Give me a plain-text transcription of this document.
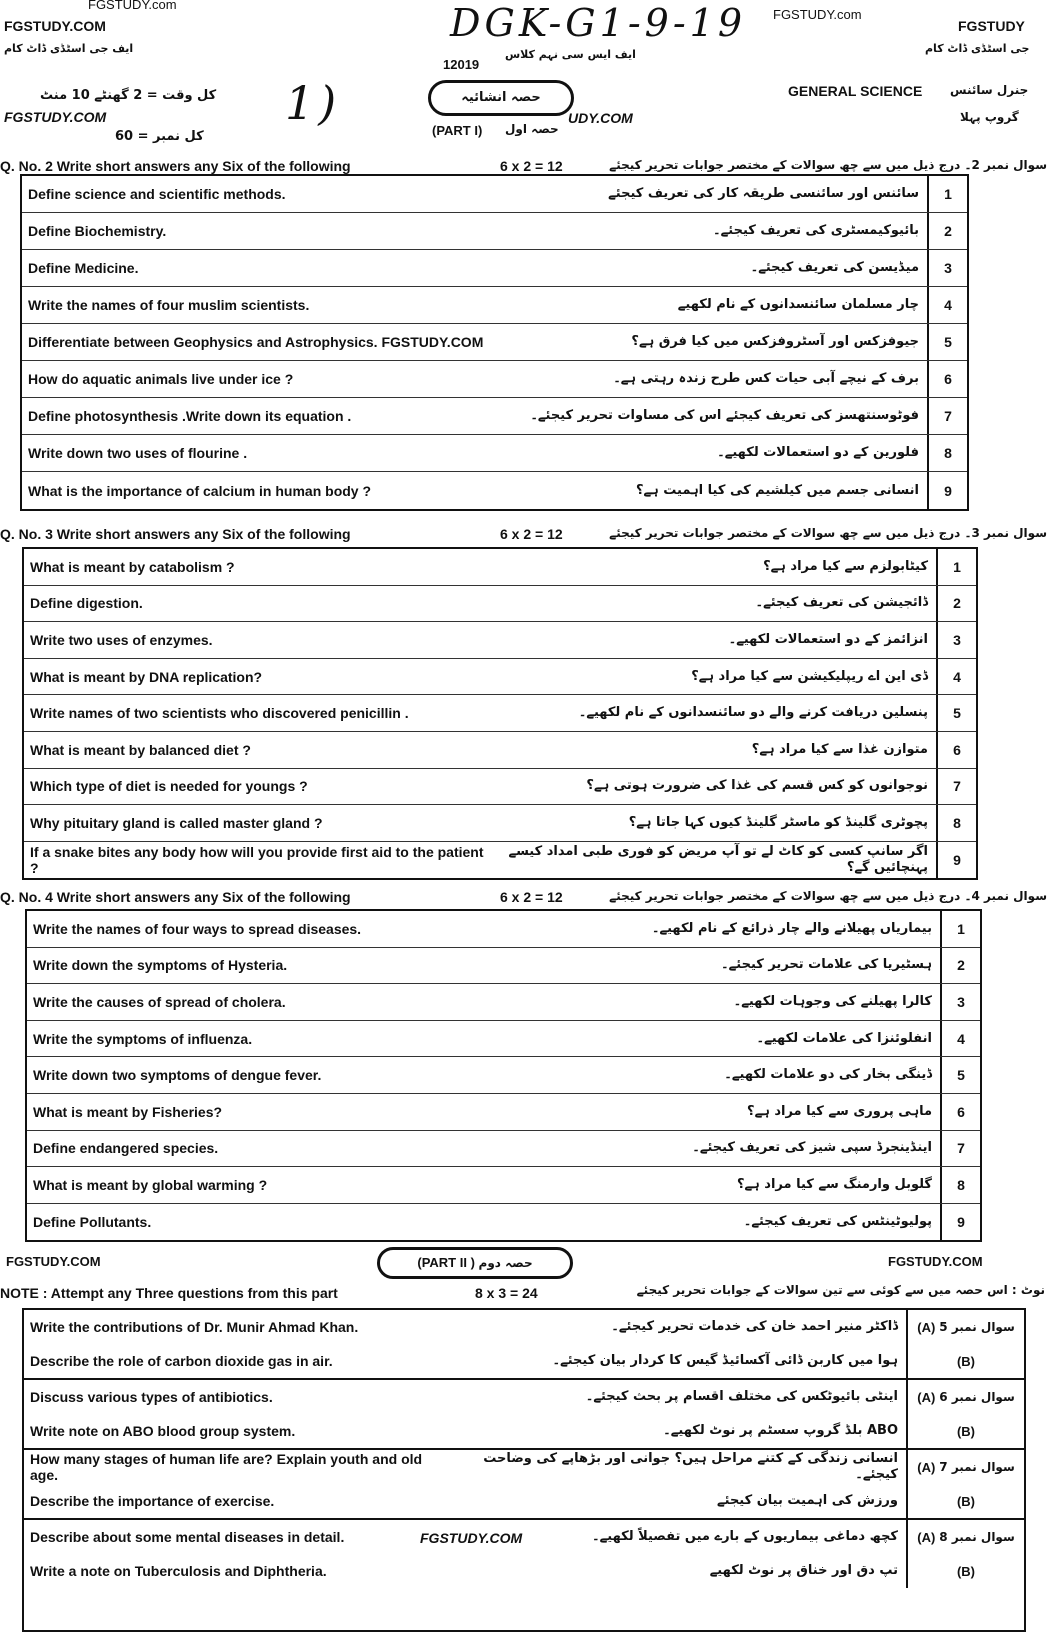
FGSTUDY.com
FGSTUDY.com
FGSTUDY.COM
ایف جی اسٹڈی ڈاٹ کام
FGSTUDY
جی اسٹڈی ڈاٹ کام
DGK-G1-9-19
ایف ایس سی نہم کلاس
12019
کل وقت = 2 گھنٹے 10 منٹ
FGSTUDY.COM
کل نمبر = 60
1)	حصہ انشائیہ
(PART I) حصہ اول
UDY.COM
GENERAL SCIENCE جنرل سائنس
گروپ پہلا
Q. No. 2 Write short answers any Six of the following	6 x 2 = 12	سوال نمبر 2۔ درج ذیل میں سے چھ سوالات کے مختصر جوابات تحریر کیجئے
Define science and scientific methods.	سائنس اور سائنسی طریقہ کار کی تعریف کیجئے	1
Define Biochemistry.	بائیوکیمسٹری کی تعریف کیجئے۔	2
Define Medicine.	میڈیسن کی تعریف کیجئے۔	3
Write the names of four muslim scientists.	چار مسلمان سائنسدانوں کے نام لکھیے	4
Differentiate between Geophysics and Astrophysics. FGSTUDY.COM	جیوفزکس اور آسٹروفزکس میں کیا فرق ہے؟	5
How do aquatic animals live under ice ?	برف کے نیچے آبی حیات کس طرح زندہ رہتی ہے۔	6
Define photosynthesis .Write down its equation .	فوٹوسنتھسز کی تعریف کیجئے اس کی مساوات تحریر کیجئے۔	7
Write down two uses of flourine .	فلورین کے دو استعمالات لکھیے۔	8
What is the importance of calcium in human body ?	انسانی جسم میں کیلشیم کی کیا اہمیت ہے؟	9
Q. No. 3 Write short answers any Six of the following	6 x 2 = 12	سوال نمبر 3۔ درج ذیل میں سے چھ سوالات کے مختصر جوابات تحریر کیجئے
What is meant by catabolism ?	کیٹابولزم سے کیا مراد ہے؟	1
Define digestion.	ڈائجیشن کی تعریف کیجئے۔	2
Write two uses of enzymes.	انزائمز کے دو استعمالات لکھیے۔	3
What is meant by DNA replication?	ڈی این اے ریپلیکیشن سے کیا مراد ہے؟	4
Write names of two scientists who discovered penicillin .	پنسلین دریافت کرنے والے دو سائنسدانوں کے نام لکھیے۔	5
What is meant by balanced diet ?	متوازن غذا سے کیا مراد ہے؟	6
Which type of diet is needed for youngs ?	نوجوانوں کو کس قسم کی غذا کی ضرورت ہوتی ہے؟	7
Why pituitary gland is called master gland ?	پچوٹری گلینڈ کو ماسٹر گلینڈ کیوں کہا جاتا ہے؟	8
If a snake bites any body how will you provide first aid to the patient ?
اگر سانپ کسی کو کاٹ لے تو آپ مریض کو فوری طبی امداد کیسے پہنچائیں گے؟	9
Q. No. 4 Write short answers any Six of the following	6 x 2 = 12	سوال نمبر 4۔ درج ذیل میں سے چھ سوالات کے مختصر جوابات تحریر کیجئے
Write the names of four ways to spread diseases.	بیماریاں پھیلانے والے چار ذرائع کے نام لکھیے۔	1
Write down the symptoms of Hysteria.	ہسٹیریا کی علامات تحریر کیجئے۔	2
Write the causes of spread of cholera.	کالرا پھیلنے کی وجوہات لکھیے۔	3
Write the symptoms of influenza.	انفلوئنزا کی علامات لکھیے۔	4
Write down two symptoms of dengue fever.	ڈینگی بخار کی دو علامات لکھیے۔	5
What is meant by Fisheries?	ماہی پروری سے کیا مراد ہے؟	6
Define endangered species.	اینڈینجرڈ سپی شیز کی تعریف کیجئے۔	7
What is meant by global warming ?	گلوبل وارمنگ سے کیا مراد ہے؟	8
Define Pollutants.	پولیوٹینٹس کی تعریف کیجئے۔	9
FGSTUDY.COM	FGSTUDY.COM
(PART II ) حصہ دوم
NOTE : Attempt any Three questions from this part	8 x 3 = 24	نوٹ : اس حصہ میں سے کوئی سے تین سوالات کے جوابات تحریر کیجئے
Write the contributions of Dr. Munir Ahmad Khan.	ڈاکٹر منیر احمد خان کی خدمات تحریر کیجئے۔	(A) سوال نمبر 5
Describe the role of carbon dioxide gas in air.	ہوا میں کاربن ڈائی آکسائیڈ گیس کا کردار بیان کیجئے۔	(B)
Discuss various types of antibiotics.	اینٹی بائیوٹکس کی مختلف اقسام پر بحث کیجئے۔	(A) سوال نمبر 6
Write note on ABO blood group system.	ABO بلڈ گروپ سسٹم پر نوٹ لکھیے۔	(B)
How many stages of human life are? Explain youth and old age.
انسانی زندگی کے کتنے مراحل ہیں؟ جوانی اور بڑھاپے کی وضاحت کیجئے۔	(A) سوال نمبر 7
Describe the importance of exercise.	ورزش کی اہمیت بیان کیجئے	(B)
Describe about some mental diseases in detail.	کچھ دماغی بیماریوں کے بارے میں تفصیلاً لکھیے۔	(A) سوال نمبر 8
Write a note on Tuberculosis and Diphtheria.	تپ دق اور خناق پر نوٹ لکھیے	(B)
FGSTUDY.COM
